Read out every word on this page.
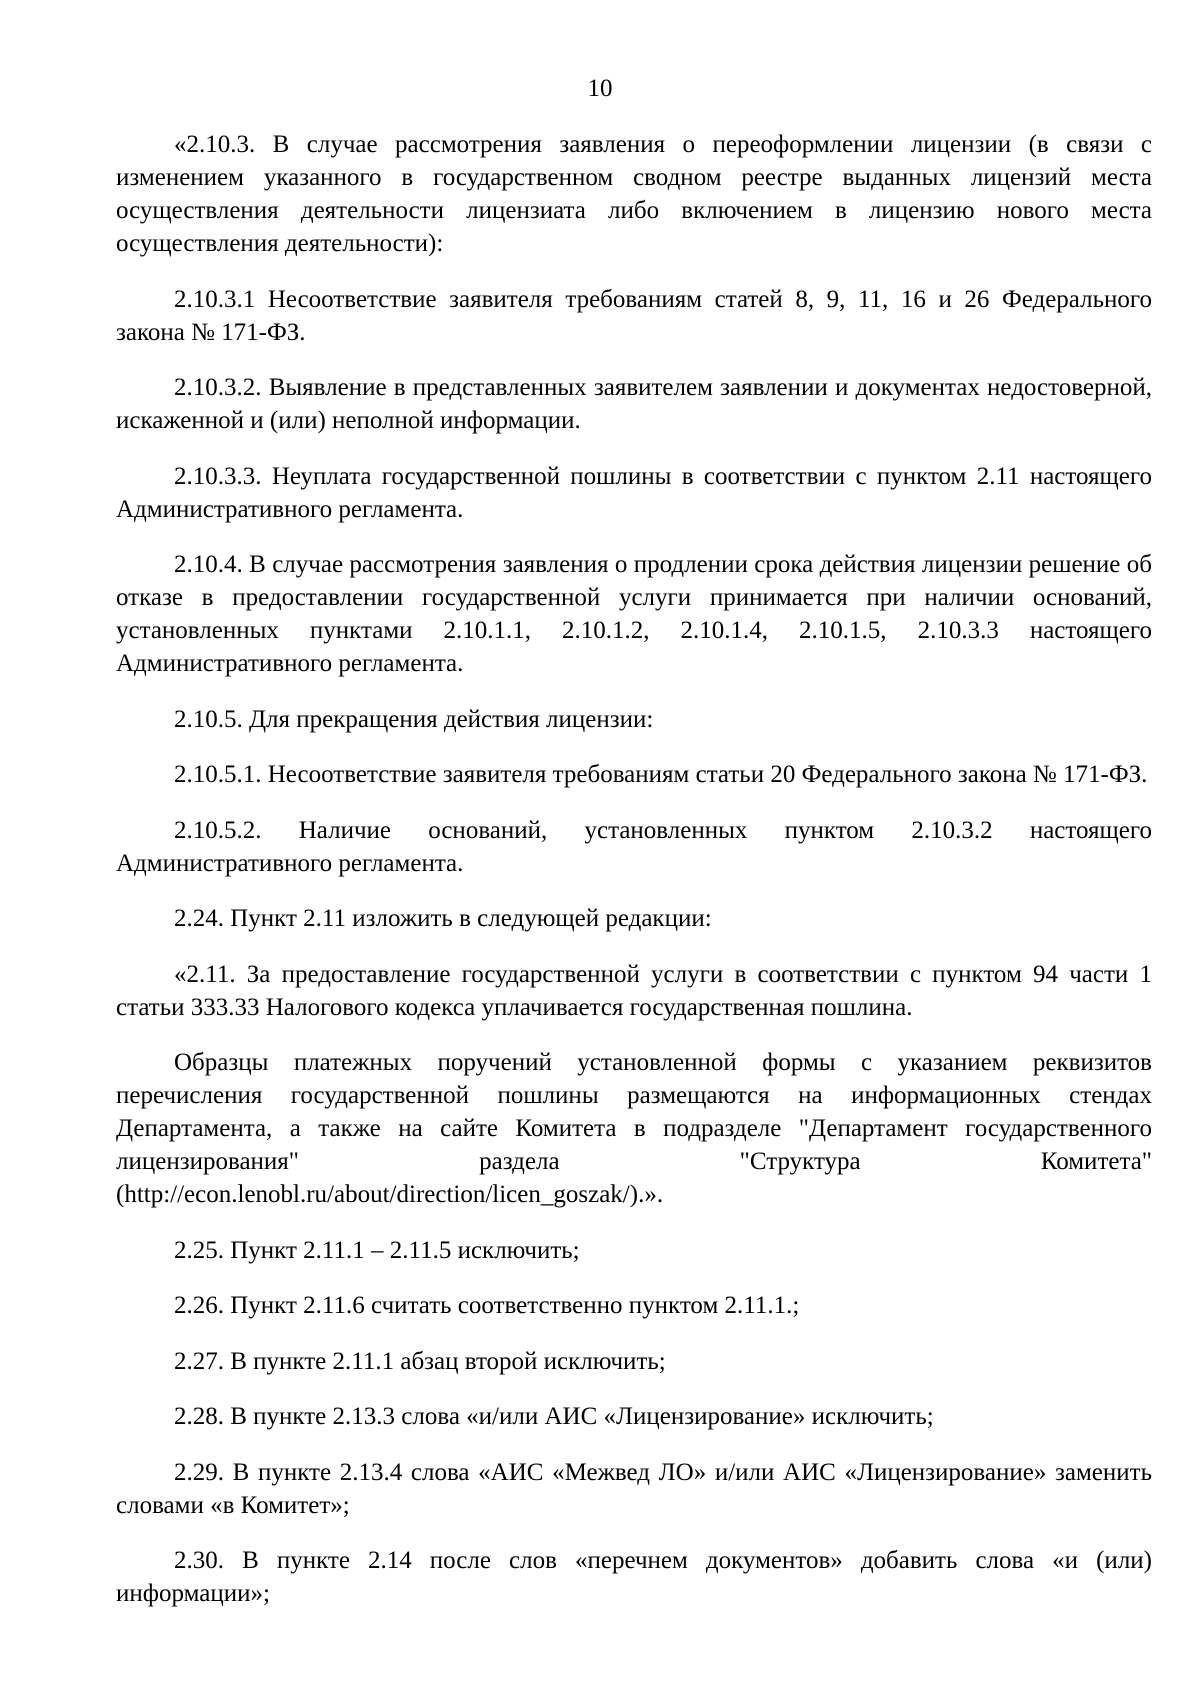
10

«2.10.3. В случае рассмотрения заявления о переоформлении лицензии (в связи с изменением указанного в государственном сводном реестре выданных лицензий места осуществления деятельности лицензиата либо включением в лицензию нового места осуществления деятельности):

2.10.3.1 Несоответствие заявителя требованиям статей 8, 9, 11, 16 и 26 Федерального закона № 171-ФЗ.

2.10.3.2. Выявление в представленных заявителем заявлении и документах недостоверной, искаженной и (или) неполной информации.

2.10.3.3. Неуплата государственной пошлины в соответствии с пунктом 2.11 настоящего Административного регламента.

2.10.4. В случае рассмотрения заявления о продлении срока действия лицензии решение об отказе в предоставлении государственной услуги принимается при наличии оснований, установленных пунктами 2.10.1.1, 2.10.1.2, 2.10.1.4, 2.10.1.5, 2.10.3.3 настоящего Административного регламента.

2.10.5. Для прекращения действия лицензии:

2.10.5.1. Несоответствие заявителя требованиям статьи 20 Федерального закона № 171-ФЗ.

2.10.5.2. Наличие оснований, установленных пунктом 2.10.3.2 настоящего Административного регламента.

2.24. Пункт 2.11 изложить в следующей редакции:

«2.11. За предоставление государственной услуги в соответствии с пунктом 94 части 1 статьи 333.33 Налогового кодекса уплачивается государственная пошлина.

Образцы платежных поручений установленной формы с указанием реквизитов перечисления государственной пошлины размещаются на информационных стендах Департамента, а также на сайте Комитета в подразделе "Департамент государственного лицензирования" раздела "Структура Комитета" (http://econ.lenobl.ru/about/direction/licen_goszak/).».

2.25. Пункт 2.11.1 – 2.11.5 исключить;

2.26. Пункт 2.11.6 считать соответственно пунктом 2.11.1.;

2.27. В пункте 2.11.1 абзац второй исключить;

2.28. В пункте 2.13.3 слова «и/или АИС «Лицензирование» исключить;

2.29. В пункте 2.13.4 слова «АИС «Межвед ЛО» и/или АИС «Лицензирование» заменить словами «в Комитет»;

2.30. В пункте 2.14 после слов «перечнем документов» добавить слова «и (или) информации»;
